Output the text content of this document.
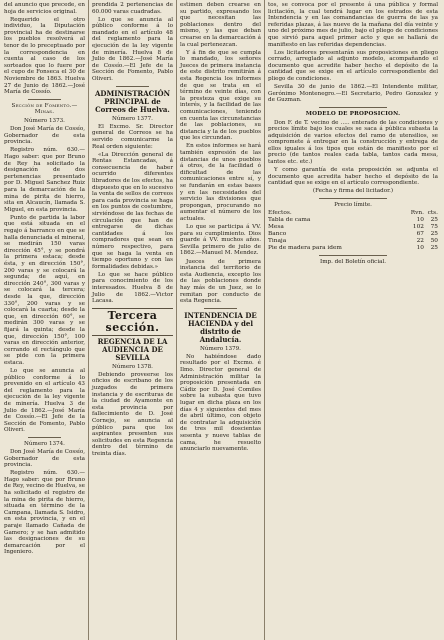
del anuncio que precede, en hoja de servicios original.

Requerido el otro individuo, la Diputación provincial ha de destinarse los pueblos resolverá al tenor de lo preceptuado por la correspondencia en cuenta al caso de los sorteados que lo fuere por el cupo de Fonseca el 30 de Noviembre de 1863. Huelva 27 de Junio de 1862.—José María de Cossío.

Sección de Fomento.—Minas.

Número 1373.

Don José María de Cossío, Gobernador de esta provincia.

Registro núm. 630.—Hago saber: que por Bruno de Rey ha solicitado la designación de dos pertenencias presentado por D. Miguel Sanchez Ruiz para la demarcación de la mina de pirita de hierro, sita en Alcaucín, llamada S. Miguel, en esta provincia.

Punto de partida la labor que está situada en el regajo á barranco en que se halla denunciada el mineral, se medirán 150 varas dirección 45°, y se pondrá la primera estaca; desde ésta, y en dirección 150°, 200 varas y se colocará la segunda; de aquí, en dirección 240°, 300 varas y se colocará la tercera; desde la que, dirección 330°, 200 varas y se colocará la cuarta; desde la que, en dirección 60°, se medirán 300 varas y se fijará la quinta; desde la que, dirección 150°, 100 varas en dirección anterior, cerrando el rectángulo que se pide con la primera estaca.

Lo que se anuncia al público conforme á lo prevenido en el artículo 43 del reglamento para la ejecución de la ley vigente de minería. Huelva 3 de Julio de 1862.—José María de Cossío.—El Jefe de la Sección de Fomento, Pablo Oliveri.

Número 1374.

Don José María de Cossío, Gobernador de esta provincia.

Registro núm. 630.—Hago saber: que por Bruno de Rey, vecino de Huelva, se ha solicitado el registro de la mina de pirita de hierro, situada en término de la Campana, llamada S. Isidro, en esta provincia, y en el paraje llamado Cañada de Gamero; y se han admitido las designaciones de su demarcación por el Ingeniero.

prendida 2 pertenencias de 60.000 varas cuadradas.

Lo que se anuncia al público conforme á lo mandado en el artículo 48 del reglamento para la ejecución de la ley vigente de minería. Huelva 8 de Julio de 1862.—José María de Cossío.—El Jefe de la Sección de Fomento, Pablo Oliveri.

ADMINISTRACIÓN PRINCIPAL de Correos de Huelva.

Número 1377.

El Excmo. Sr. Director general de Correos se ha servido comunicarme la Real orden siguiente:

«La Dirección general de Rentas Estancadas, á consecuencia de haber ocurrido diferentes libradores de los efectos, ha dispuesto que en lo sucesivo la venta de sellos de correos para cada provincia se haga en los puntos de costumbre, sirviéndose de las fechas de circulación que han de entregarse de dichas cantidades á los compradores que sean en número respectivo, para que se haga la venta en tiempo oportuno y con las formalidades debidas.»

Lo que se hace público para conocimiento de los interesados. Huelva 8 de Julio de 1862.—Victor Lacasa.

Tercera sección.

REGENCIA DE LA AUDIENCIA DE SEVILLA

Número 1378.

Debiendo proveerse los oficios de escribano de los juzgados de primera instancia y de escrituras de la ciudad de Ayamonte en esta provincia por fallecimiento de D. José Cornejo, se anuncia al público para que los aspirantes presenten sus solicitudes en esta Regencia dentro del término de treinta días.

estimen deben crearse en su partido, expresando los que necesitan las poblaciones dentro del mismo, y las que deban crearse en la demarcación á la cual pertenezcan.

Y á fin de que se cumpla lo mandado, los señores Jueces de primera instancia de este distrito remitirán á esta Regencia los informes de que se trata en el término de veinte días, con la presteza que exige su interés, y la facilidad de las comunicaciones, teniendo en cuenta las circunstancias de las poblaciones, su distancia y la de los pueblos que les circundan.

En estos informes se hará también expresión de las distancias de unos pueblos á otros, de la facilidad ó dificultad de las comunicaciones entre sí, y se fundarán en estas bases y en las necesidades del servicio las divisiones que propongan, procurando no aumentar el número de los actuales.

Lo que se participa á VV. para su cumplimiento. Dios guarde á VV. muchos años. Sevilla primero de julio de 1862.—Manuel M. Mendez.

Jueces de primera instancia del territorio de esta Audiencia, excepto los de las poblaciones donde hay más de un Juez, se lo remitan por conducto de esta Regencia.

INTENDENCIA DE HACIENDA y del distrito de Andalucía.

Número 1379.

No habiéndose dado resultado por el Excmo. é Ilmo. Director general de Administración militar la proposición presentada en Cádiz por D. José Comiles sobre la subasta que tuvo lugar en dicha plaza en los días 4 y siguientes del mes de abril último, con objeto de contratar la adquisición de tres mil doscientas sesenta y nueve tablas de cama, he resuelto anunciarlo nuevamente.

tos, se convoca por el presente á una pública y formal licitación, la cual tendrá lugar en los estrados de esta Intendencia y en las comandancias de guerra de las ya referidas plazas, á las nueve de la mañana del día veinte y uno del próximo mes de julio, bajo el pliego de condiciones que sirvió para aquel primer acto y que se hallará de manifiesto en las referidas dependencias.

Los licitadores presentarán sus proposiciones en pliego cerrado, arreglado al adjunto modelo, acompañando el documento que acredite haber hecho el depósito de la cantidad que se exige en el artículo correspondiente del pliego de condiciones.

Sevilla 30 de junio de 1862.—El Intendente militar, Gerónimo Montenegro.—El Secretario, Pedro Gonzalez y de Guzman.

MODELO DE PROPOSICION.

Don F. de T. vecino de ..... enterado de las condiciones y precios límite bajo los cuales se saca á pública subasta la adquisición de varios efectos del ramo de utensilios, se compromete á entregar en la construcción y entrega de ellos iguales á los tipos que están de manifiesto por el precio (de tantos reales cada tabla, tantos cada mesa, tantos etc. etc.)

Y como garantía de esta proposición se adjunta el documento que acredita haber hecho el depósito de la cantidad que se exige en el artículo correspondiente.

(Fecha y firma del licitador.)

Precio límite.

Efectos.	Rvn.	cts.
Tabla de cama	10	25
Mesa	102	75
Banco	67	25
Tinaja	22	50
Pie de madera para idem	10	25

Imp. del Boletín oficial.
